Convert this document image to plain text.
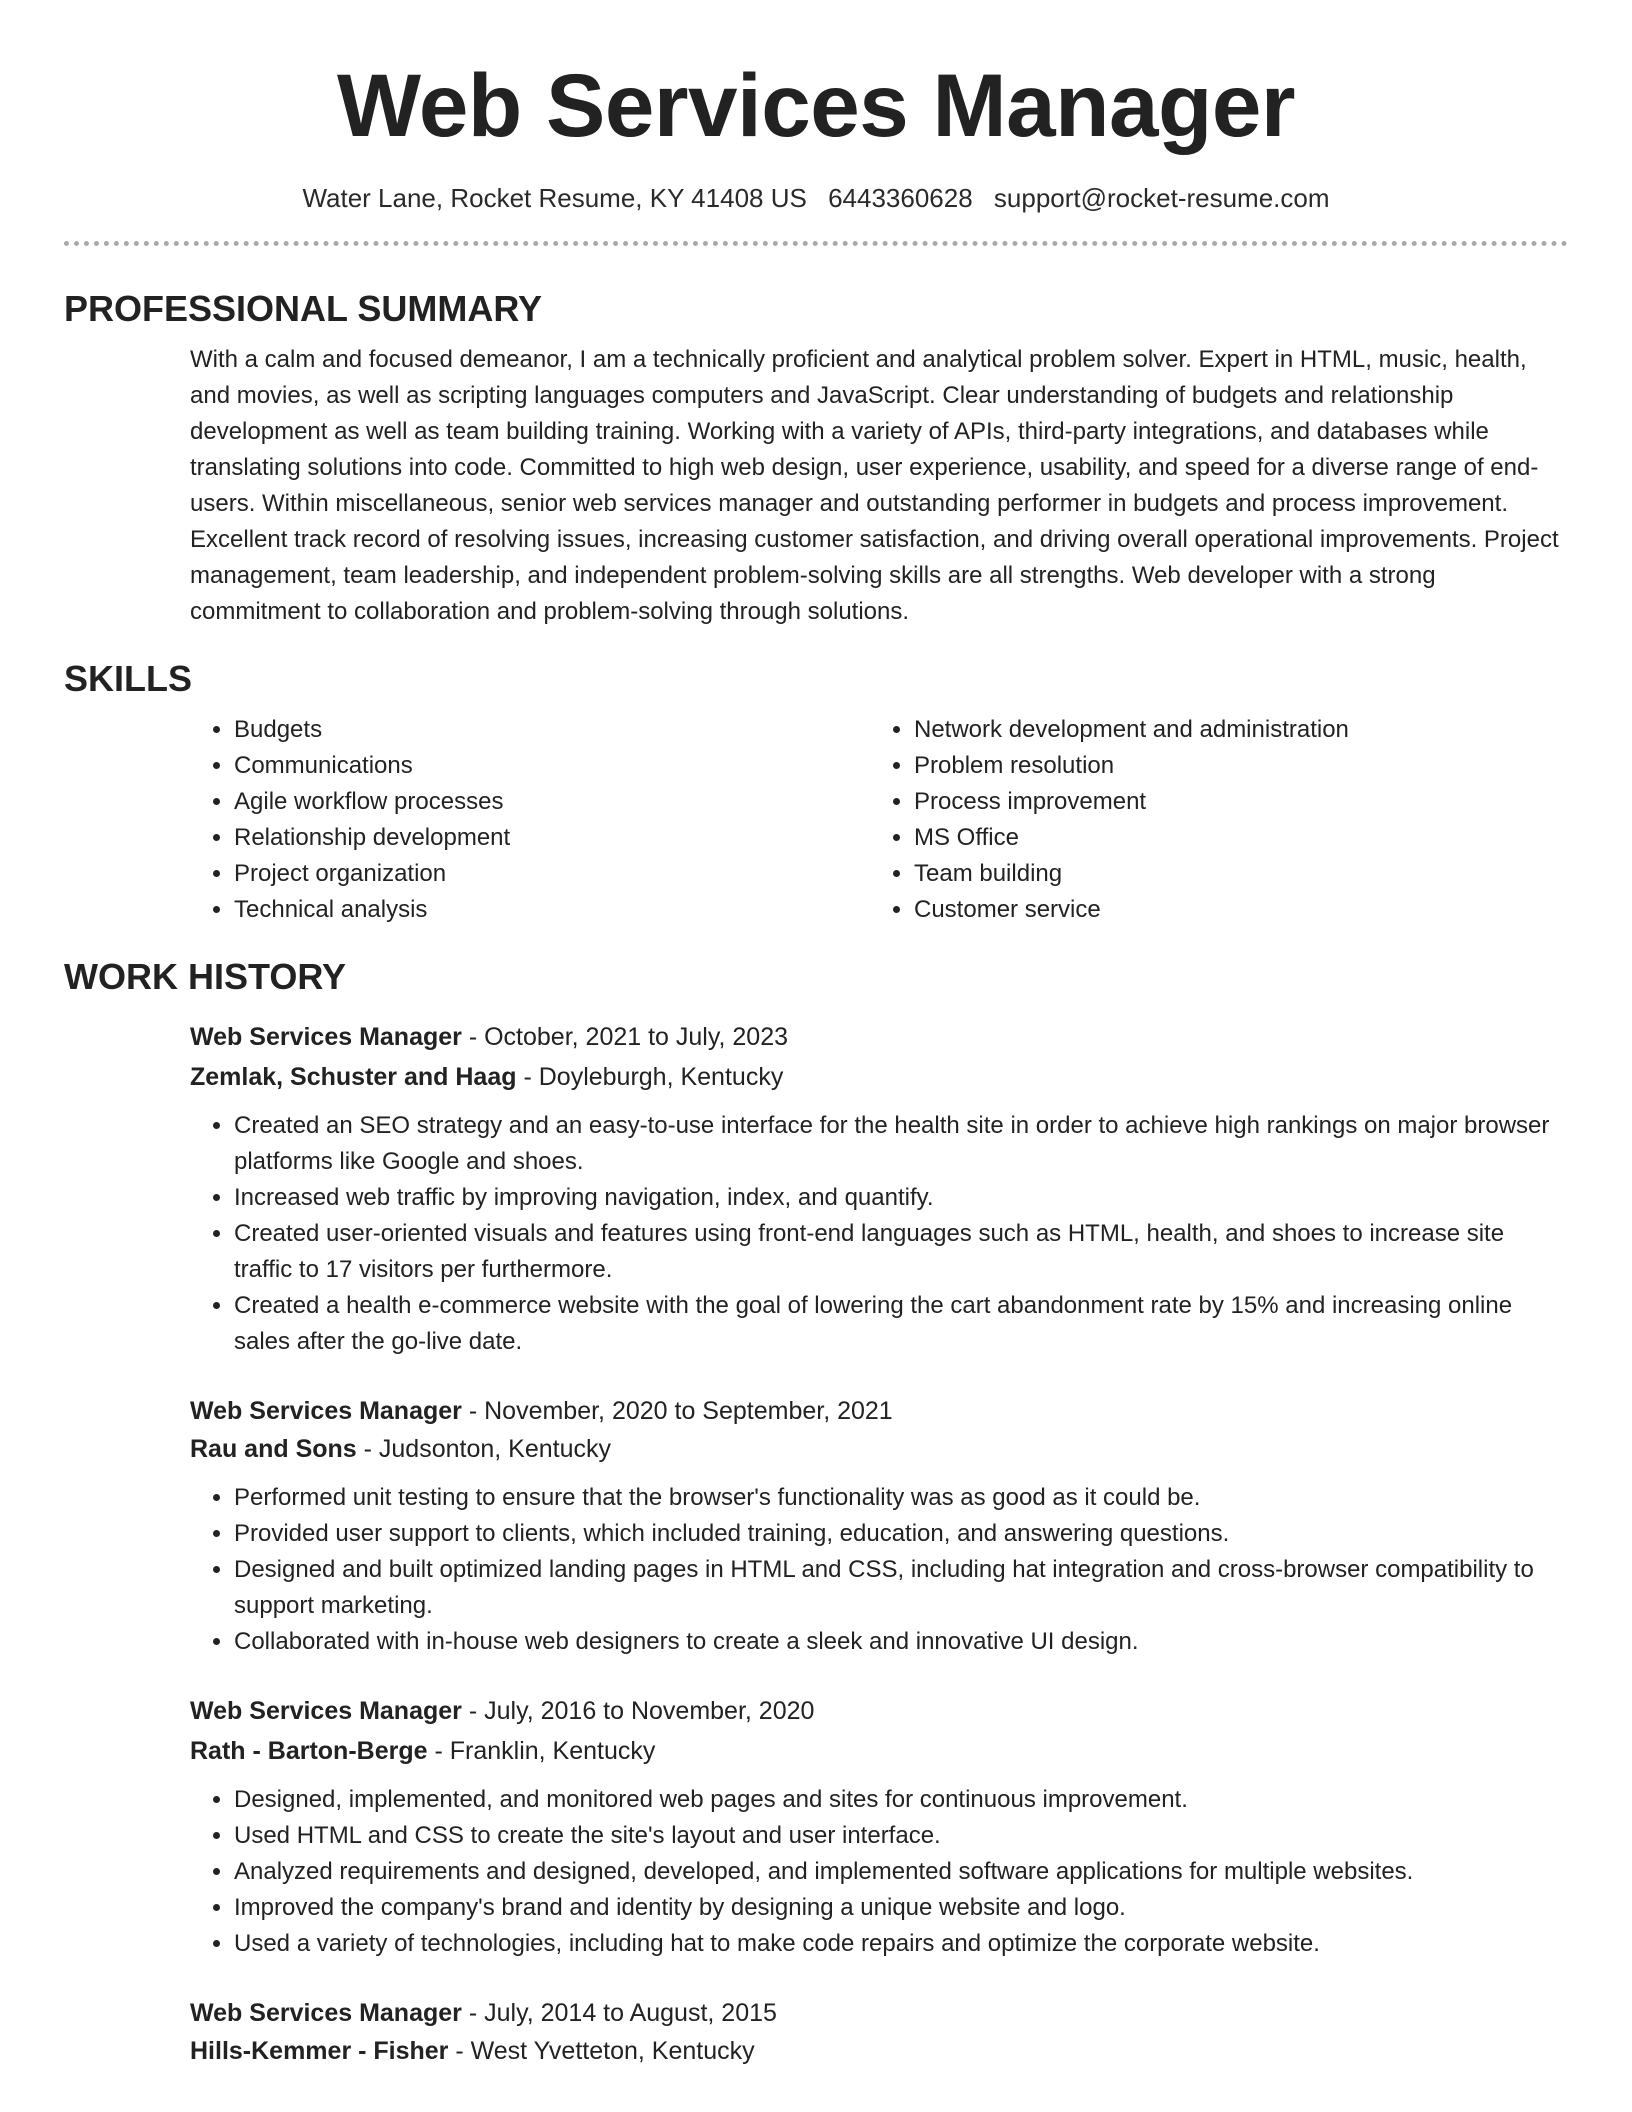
Web Services Manager
Water Lane, Rocket Resume, KY 41408 US 6443360628 support@rocket-resume.com
PROFESSIONAL SUMMARY
With a calm and focused demeanor, I am a technically proficient and analytical problem solver. Expert in HTML, music, health, and movies, as well as scripting languages computers and JavaScript. Clear understanding of budgets and relationship development as well as team building training. Working with a variety of APIs, third-party integrations, and databases while translating solutions into code. Committed to high web design, user experience, usability, and speed for a diverse range of end-users. Within miscellaneous, senior web services manager and outstanding performer in budgets and process improvement. Excellent track record of resolving issues, increasing customer satisfaction, and driving overall operational improvements. Project management, team leadership, and independent problem-solving skills are all strengths. Web developer with a strong commitment to collaboration and problem-solving through solutions.
SKILLS
• Budgets
• Communications
• Agile workflow processes
• Relationship development
• Project organization
• Technical analysis
• Network development and administration
• Problem resolution
• Process improvement
• MS Office
• Team building
• Customer service
WORK HISTORY
Web Services Manager - October, 2021 to July, 2023
Zemlak, Schuster and Haag - Doyleburgh, Kentucky
• Created an SEO strategy and an easy-to-use interface for the health site in order to achieve high rankings on major browser platforms like Google and shoes.
• Increased web traffic by improving navigation, index, and quantify.
• Created user-oriented visuals and features using front-end languages such as HTML, health, and shoes to increase site traffic to 17 visitors per furthermore.
• Created a health e-commerce website with the goal of lowering the cart abandonment rate by 15% and increasing online sales after the go-live date.
Web Services Manager - November, 2020 to September, 2021
Rau and Sons - Judsonton, Kentucky
• Performed unit testing to ensure that the browser's functionality was as good as it could be.
• Provided user support to clients, which included training, education, and answering questions.
• Designed and built optimized landing pages in HTML and CSS, including hat integration and cross-browser compatibility to support marketing.
• Collaborated with in-house web designers to create a sleek and innovative UI design.
Web Services Manager - July, 2016 to November, 2020
Rath - Barton-Berge - Franklin, Kentucky
• Designed, implemented, and monitored web pages and sites for continuous improvement.
• Used HTML and CSS to create the site's layout and user interface.
• Analyzed requirements and designed, developed, and implemented software applications for multiple websites.
• Improved the company's brand and identity by designing a unique website and logo.
• Used a variety of technologies, including hat to make code repairs and optimize the corporate website.
Web Services Manager - July, 2014 to August, 2015
Hills-Kemmer - Fisher - West Yvetteton, Kentucky
